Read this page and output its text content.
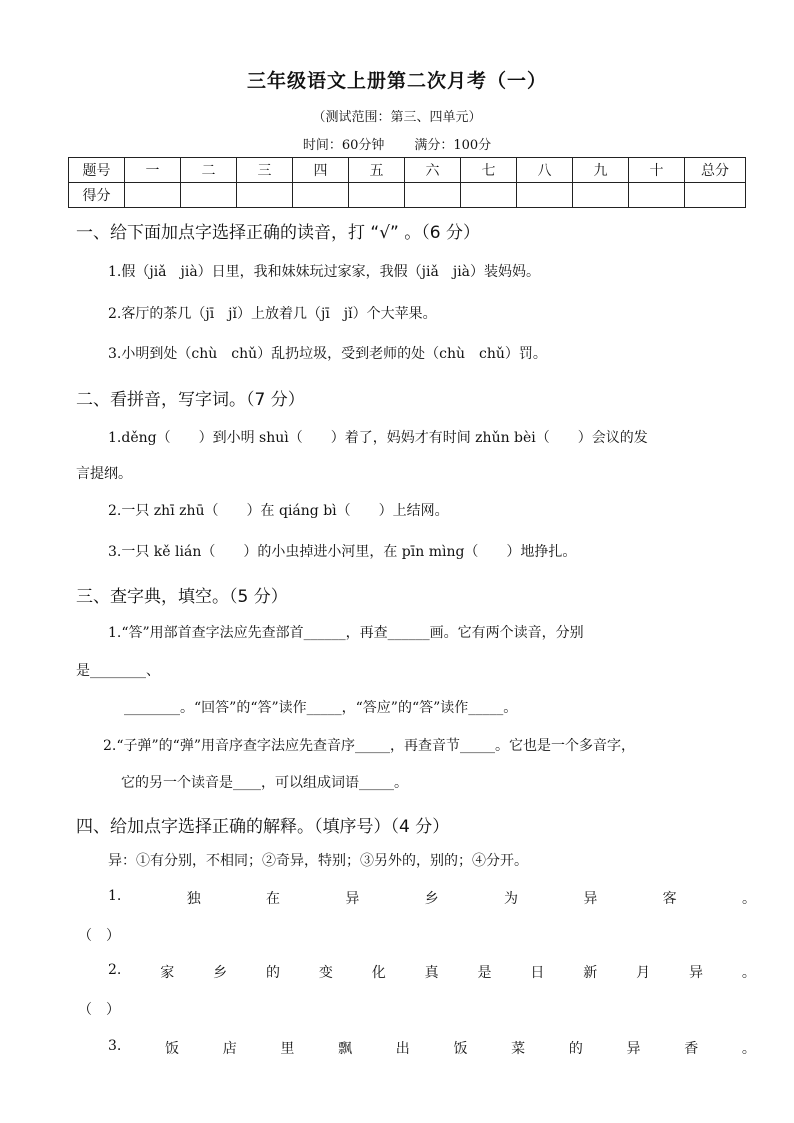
三年级语文上册第二次月考（一）
（测试范围：第三、四单元）
时间：60分钟 满分：100分
题号	一	二	三	四	五	六	七	八	九	十	总分
得分											
一、给下面加点字选择正确的读音，打 “√” 。（6 分）
1.假（jiǎ　jià）日里，我和妹妹玩过家家，我假（jiǎ　jià）装妈妈。
2.客厅的茶几（jī　jǐ）上放着几（jī　jǐ）个大苹果。
3.小明到处（chù　chǔ）乱扔垃圾，受到老师的处（chù　chǔ）罚。
二、看拼音，写字词。（7 分）
1.děng（　　）到小明 shuì（　　）着了，妈妈才有时间 zhǔn bèi（　　）会议的发
言提纲。
2.一只 zhī zhū（　　）在 qiáng bì（　　）上结网。
3.一只 kě lián（　　）的小虫掉进小河里，在 pīn mìng（　　）地挣扎。
三、查字典，填空。（5 分）
1.“答”用部首查字法应先查部首______，再查______画。它有两个读音，分别
是________、
________。“回答”的“答”读作_____，“答应”的“答”读作_____。
2.“子弹”的“弹”用音序查字法应先查音序_____，再查音节_____。它也是一个多音字，
它的另一个读音是____，可以组成词语_____。
四、给加点字选择正确的解释。（填序号）（4 分）
异：①有分别，不相同；②奇异，特别；③另外的，别的；④分开。
1.	独	在	异	乡	为	异	客	。
（　）
2.	家	乡	的	变	化	真	是	日	新	月	异	。
（　）
3.	饭	店	里	飘	出	饭	菜	的	异	香	。
